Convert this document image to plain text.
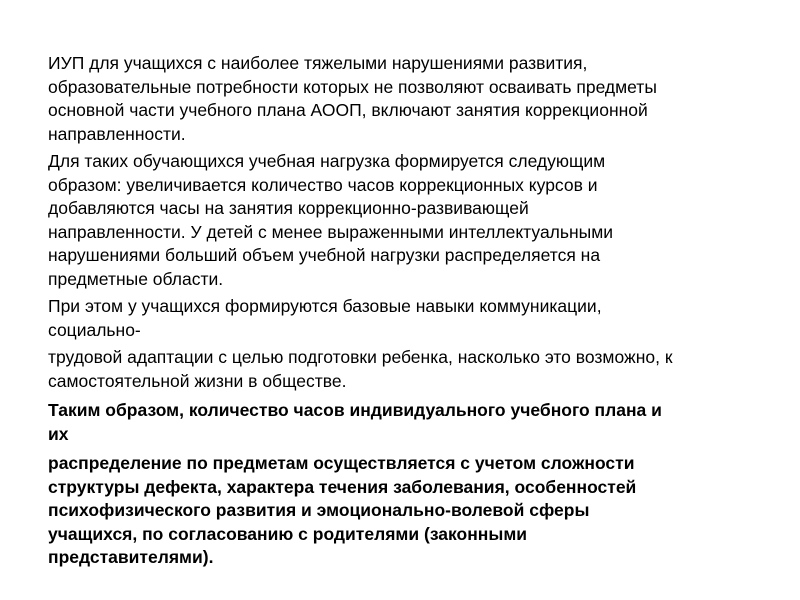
ИУП для учащихся с наиболее тяжелыми нарушениями развития,
образовательные потребности которых не позволяют осваивать предметы
основной части учебного плана АООП, включают занятия коррекционной
направленности.

Для таких обучающихся учебная нагрузка формируется следующим
образом: увеличивается количество часов коррекционных курсов и
добавляются часы на занятия коррекционно-развивающей
направленности. У детей с менее выраженными интеллектуальными
нарушениями больший объем учебной нагрузки распределяется на
предметные области.

При этом у учащихся формируются базовые навыки коммуникации,
социально-

трудовой адаптации с целью подготовки ребенка, насколько это возможно, к
самостоятельной жизни в обществе.

Таким образом, количество часов индивидуального учебного плана и
их

распределение по предметам осуществляется с учетом сложности
структуры дефекта, характера течения заболевания, особенностей
психофизического развития и эмоционально-волевой сферы
учащихся, по согласованию с родителями (законными
представителями).
